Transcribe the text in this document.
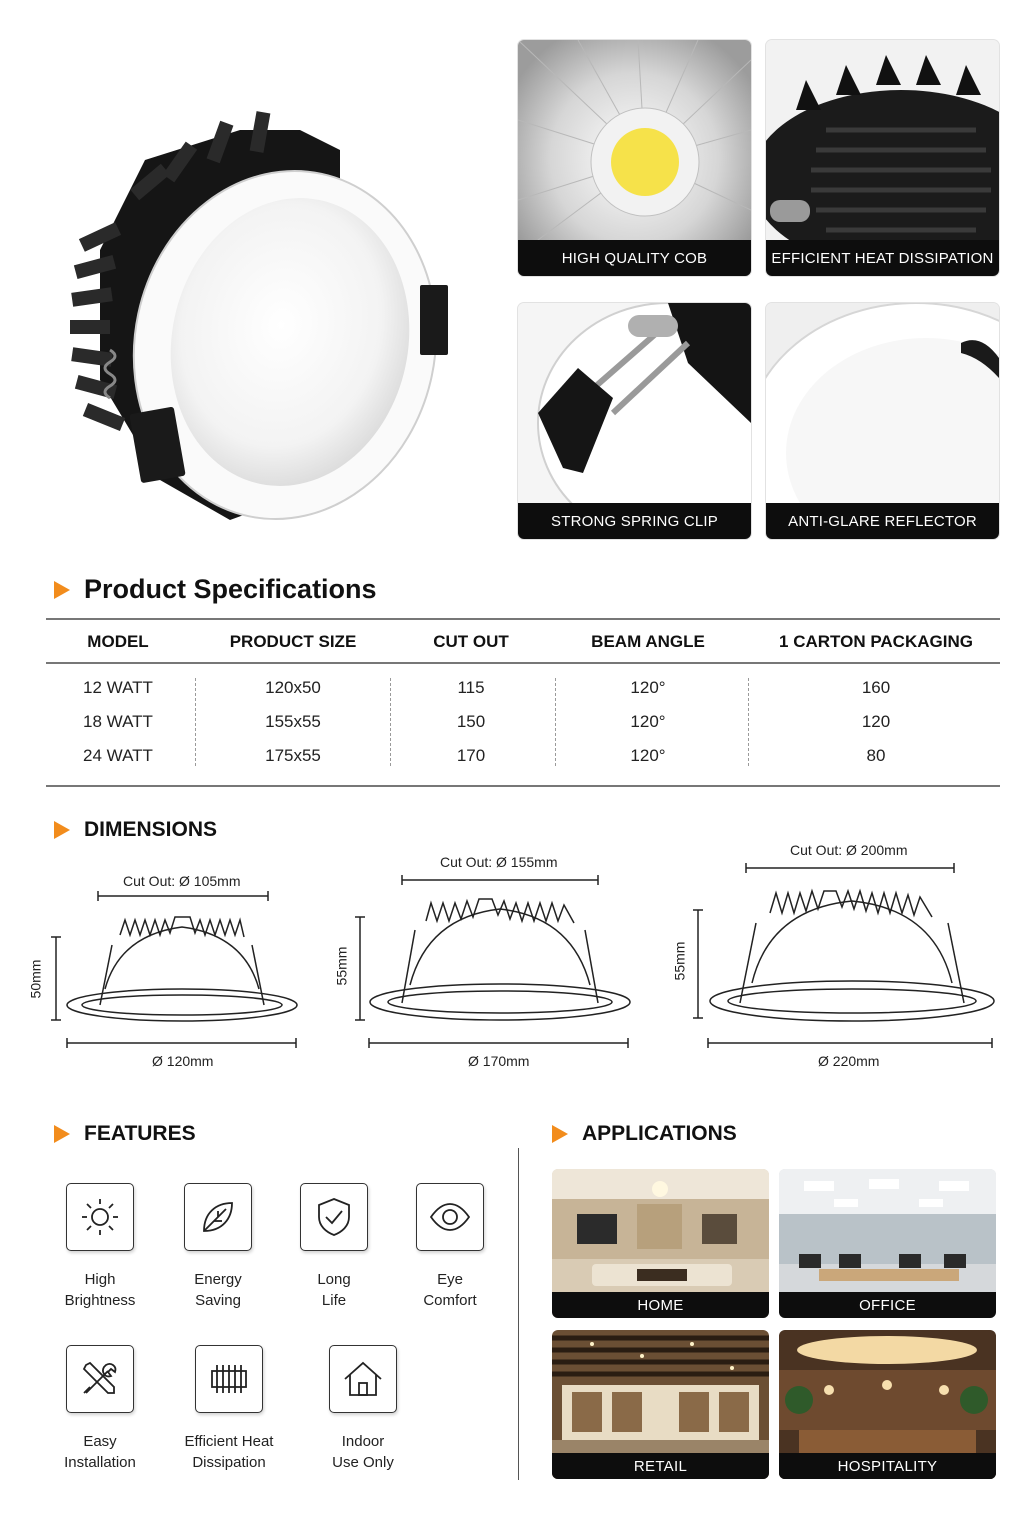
HIGH QUALITY COB	EFFICIENT HEAT DISSIPATION
STRONG SPRING CLIP	ANTI-GLARE REFLECTOR
Product Specifications
MODEL	PRODUCT SIZE	CUT OUT	BEAM ANGLE	1 CARTON PACKAGING
12 WATT	120x50	115	120°	160
18 WATT	155x55	150	120°	120
24 WATT	175x55	170	120°	80
DIMENSIONS
Cut Out: Ø 105mm
50mm
Ø 120mm
Cut Out: Ø 155mm
55mm
Ø 170mm
Cut Out: Ø 200mm
55mm
Ø 220mm
FEATURES
High
Brightness
Energy
Saving
Long
Life
Eye
Comfort
Easy
Installation
Efficient Heat
Dissipation
Indoor
Use Only
APPLICATIONS
HOME	OFFICE
RETAIL	HOSPITALITY
